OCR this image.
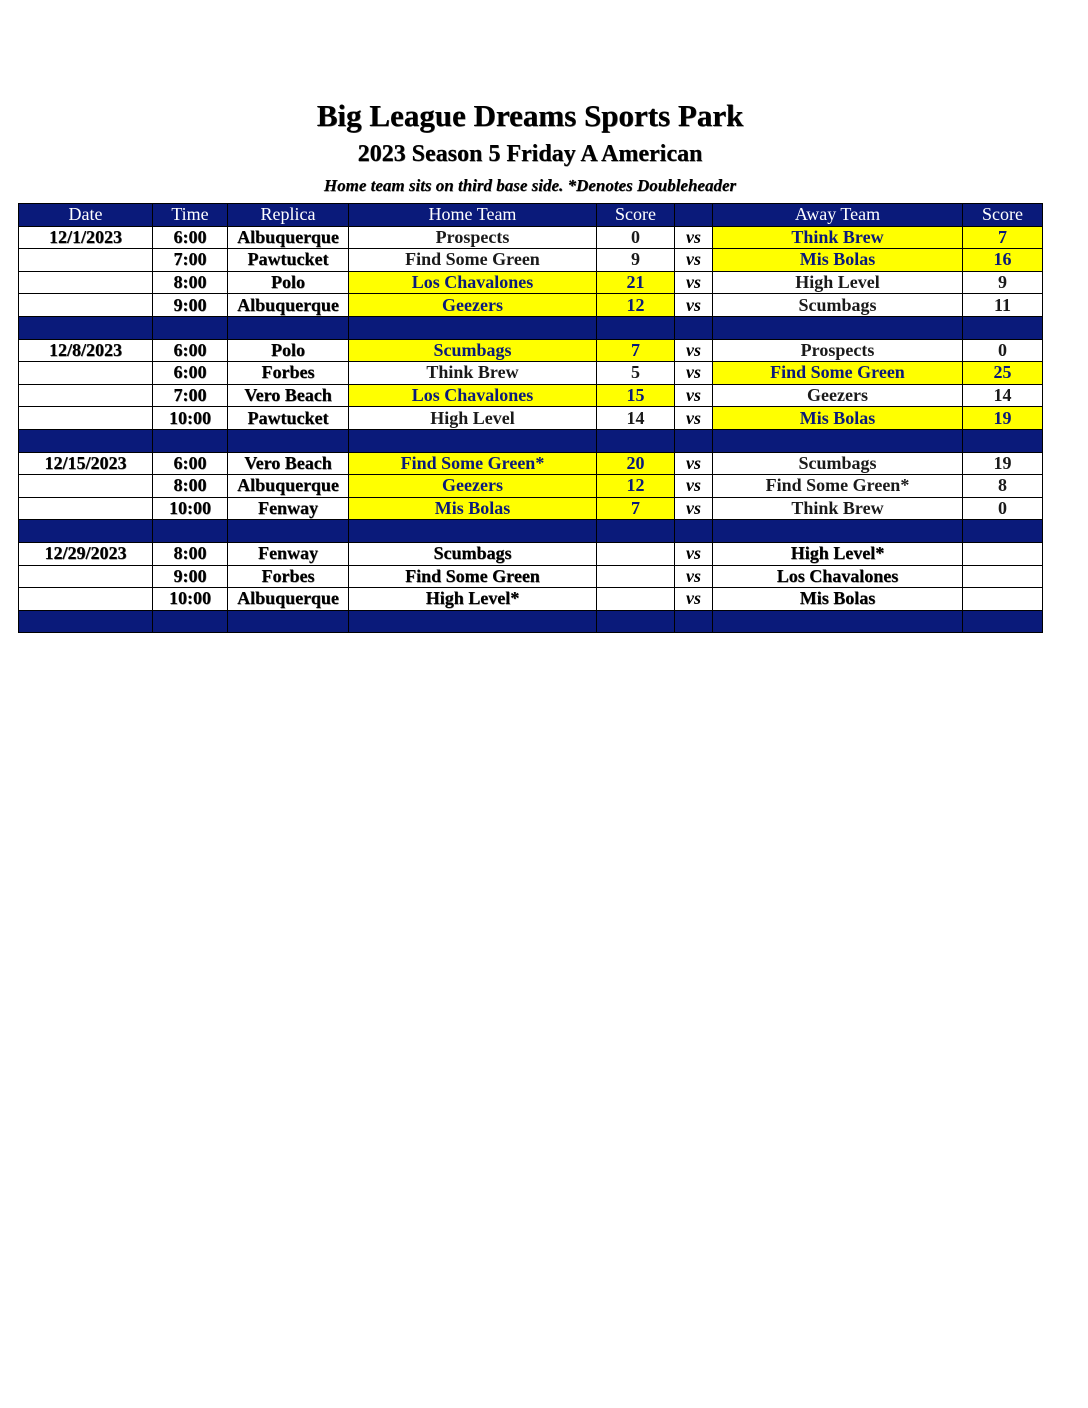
Big League Dreams Sports Park
2023 Season 5 Friday A American
Home team sits on third base side. *Denotes Doubleheader
Date	Time	Replica	Home Team	Score		Away Team	Score
12/1/2023	6:00	Albuquerque	Prospects	0	vs	Think Brew	7
	7:00	Pawtucket	Find Some Green	9	vs	Mis Bolas	16
	8:00	Polo	Los Chavalones	21	vs	High Level	9
	9:00	Albuquerque	Geezers	12	vs	Scumbags	11

12/8/2023	6:00	Polo	Scumbags	7	vs	Prospects	0
	6:00	Forbes	Think Brew	5	vs	Find Some Green	25
	7:00	Vero Beach	Los Chavalones	15	vs	Geezers	14
	10:00	Pawtucket	High Level	14	vs	Mis Bolas	19

12/15/2023	6:00	Vero Beach	Find Some Green*	20	vs	Scumbags	19
	8:00	Albuquerque	Geezers	12	vs	Find Some Green*	8
	10:00	Fenway	Mis Bolas	7	vs	Think Brew	0

12/29/2023	8:00	Fenway	Scumbags		vs	High Level*	
	9:00	Forbes	Find Some Green		vs	Los Chavalones	
	10:00	Albuquerque	High Level*		vs	Mis Bolas	
